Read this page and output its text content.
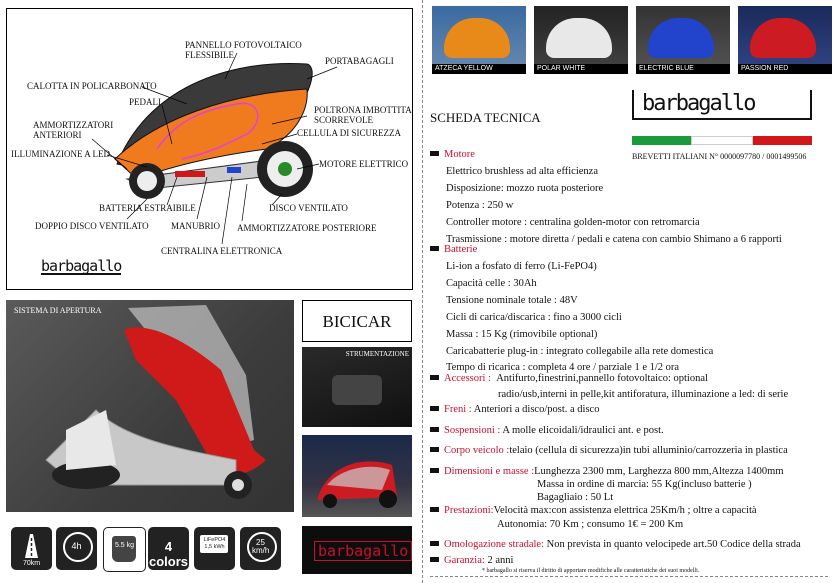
PANNELLO FOTOVOLTAICO
FLESSIBILE
PORTABAGAGLI
CALOTTA IN POLICARBONATO
PEDALI
AMMORTIZZATORI
ANTERIORI
POLTRONA IMBOTTITA
SCORREVOLE
CELLULA DI SICUREZZA
ILLUMINAZIONE A LED
MOTORE ELETTRICO
BATTERIA ESTRAIBILE	DISCO VENTILATO
DOPPIO DISCO VENTILATO MANUBRIO AMMORTIZZATORE POSTERIORE
CENTRALINA ELETTRONICA
barbagallo
SISTEMA DI APERTURA
70km
4h	5.5 kg	4 colors
LiFePO4 1,5 kWh	25 km/h
BICICAR
STRUMENTAZIONE
barbagallo
ATZECA YELLOW	POLAR WHITE	ELECTRIC BLUE	PASSION RED
SCHEDA TECNICA
barbagallo
BREVETTI ITALIANI N° 0000097780 / 0001499506
Motore
Elettrico brushless ad alta efficienza
Disposizione: mozzo ruota posteriore
Potenza : 250 w
Controller motore : centralina golden-motor con retromarcia
Trasmissione : motore diretta / pedali e catena con cambio Shimano a 6 rapporti
Batterie
Li-ion a fosfato di ferro (Li-FePO4)
Capacità celle : 30Ah
Tensione nominale totale : 48V
Cicli di carica/discarica : fino a 3000 cicli
Massa : 15 Kg (rimovibile optional)
Caricabatterie plug-in : integrato collegabile alla rete domestica
Tempo di ricarica : completa 4 ore / parziale 1 e 1/2 ora
Accessori : Antifurto,finestrini,pannello fotovoltaico: optional
radio/usb,interni in pelle,kit antiforatura, illuminazione a led: di serie
Freni : Anteriori a disco/post. a disco
Sospensioni : A molle elicoidali/idraulici ant. e post.
Corpo veicolo :telaio (cellula di sicurezza)in tubi alluminio/carrozzeria in plastica
Dimensioni e masse :Lunghezza 2300 mm, Larghezza 800 mm,Altezza 1400mm
Massa in ordine di marcia: 55 Kg(incluso batterie )
Bagagliaio : 50 Lt
Prestazioni:Velocità max:con assistenza elettrica 25Km/h ; oltre a capacità
Autonomia: 70 Km ; consumo 1€ = 200 Km
Omologazione stradale: Non prevista in quanto velocipede art.50 Codice della strada
Garanzia: 2 anni
* barbagallo si riserva il diritto di apportare modifiche alle caratteristiche dei suoi modelli.
